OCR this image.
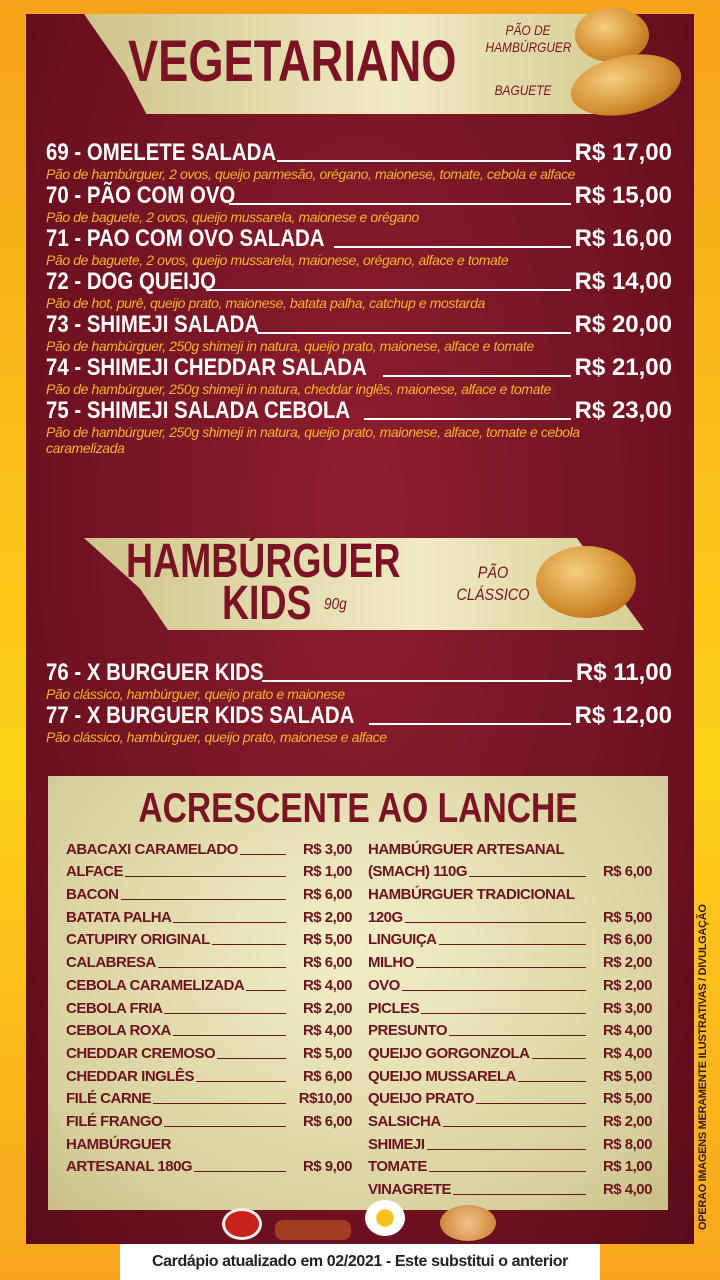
VEGETARIANO	PÃO DE HAMBÚRGUER
BAGUETE
69 - OMELETE SALADA	R$ 17,00
Pão de hambúrguer, 2 ovos, queijo parmesão, orégano, maionese, tomate, cebola e alface
70 - PÃO COM OVO	R$ 15,00
Pão de baguete, 2 ovos, queijo mussarela, maionese e orégano
71 - PAO COM OVO SALADA	R$ 16,00
Pão de baguete, 2 ovos, queijo mussarela, maionese, orégano, alface e tomate
72 - DOG QUEIJO	R$ 14,00
Pão de hot, purê, queijo prato, maionese, batata palha, catchup e mostarda
73 - SHIMEJI SALADA	R$ 20,00
Pão de hambúrguer, 250g shimeji in natura, queijo prato, maionese, alface e tomate
74 - SHIMEJI CHEDDAR SALADA	R$ 21,00
Pão de hambúrguer, 250g shimeji in natura, cheddar inglês, maionese, alface e tomate
75 - SHIMEJI SALADA CEBOLA	R$ 23,00
Pão de hambúrguer, 250g shimeji in natura, queijo prato, maionese, alface, tomate e cebola caramelizada
HAMBÚRGUER
KIDS 90g
PÃO CLÁSSICO
76 - X BURGUER KIDS	R$ 11,00
Pão clássico, hambúrguer, queijo prato e maionese
77 - X BURGUER KIDS SALADA	R$ 12,00
Pão clássico, hambúrguer, queijo prato, maionese e alface
ACRESCENTE AO LANCHE
ABACAXI CARAMELADO	R$ 3,00
ALFACE	R$ 1,00
BACON	R$ 6,00
BATATA PALHA	R$ 2,00
CATUPIRY ORIGINAL	R$ 5,00
CALABRESA	R$ 6,00
CEBOLA CARAMELIZADA	R$ 4,00
CEBOLA FRIA	R$ 2,00
CEBOLA ROXA	R$ 4,00
CHEDDAR CREMOSO	R$ 5,00
CHEDDAR INGLÊS	R$ 6,00
FILÉ CARNE	R$10,00
FILÉ FRANGO	R$ 6,00
HAMBÚRGUER
ARTESANAL 180G	R$ 9,00
HAMBÚRGUER ARTESANAL
(SMACH) 110G	R$ 6,00
HAMBÚRGUER TRADICIONAL
120G	R$ 5,00
LINGUIÇA	R$ 6,00
MILHO	R$ 2,00
OVO	R$ 2,00
PICLES	R$ 3,00
PRESUNTO	R$ 4,00
QUEIJO GORGONZOLA	R$ 4,00
QUEIJO MUSSARELA	R$ 5,00
QUEIJO PRATO	R$ 5,00
SALSICHA	R$ 2,00
SHIMEJI	R$ 8,00
TOMATE	R$ 1,00
VINAGRETE	R$ 4,00	OPERAO IMAGENS MERAMENTE ILUSTRATIVAS / DIVULGAÇÃO
Cardápio atualizado em 02/2021 - Este substitui o anterior
